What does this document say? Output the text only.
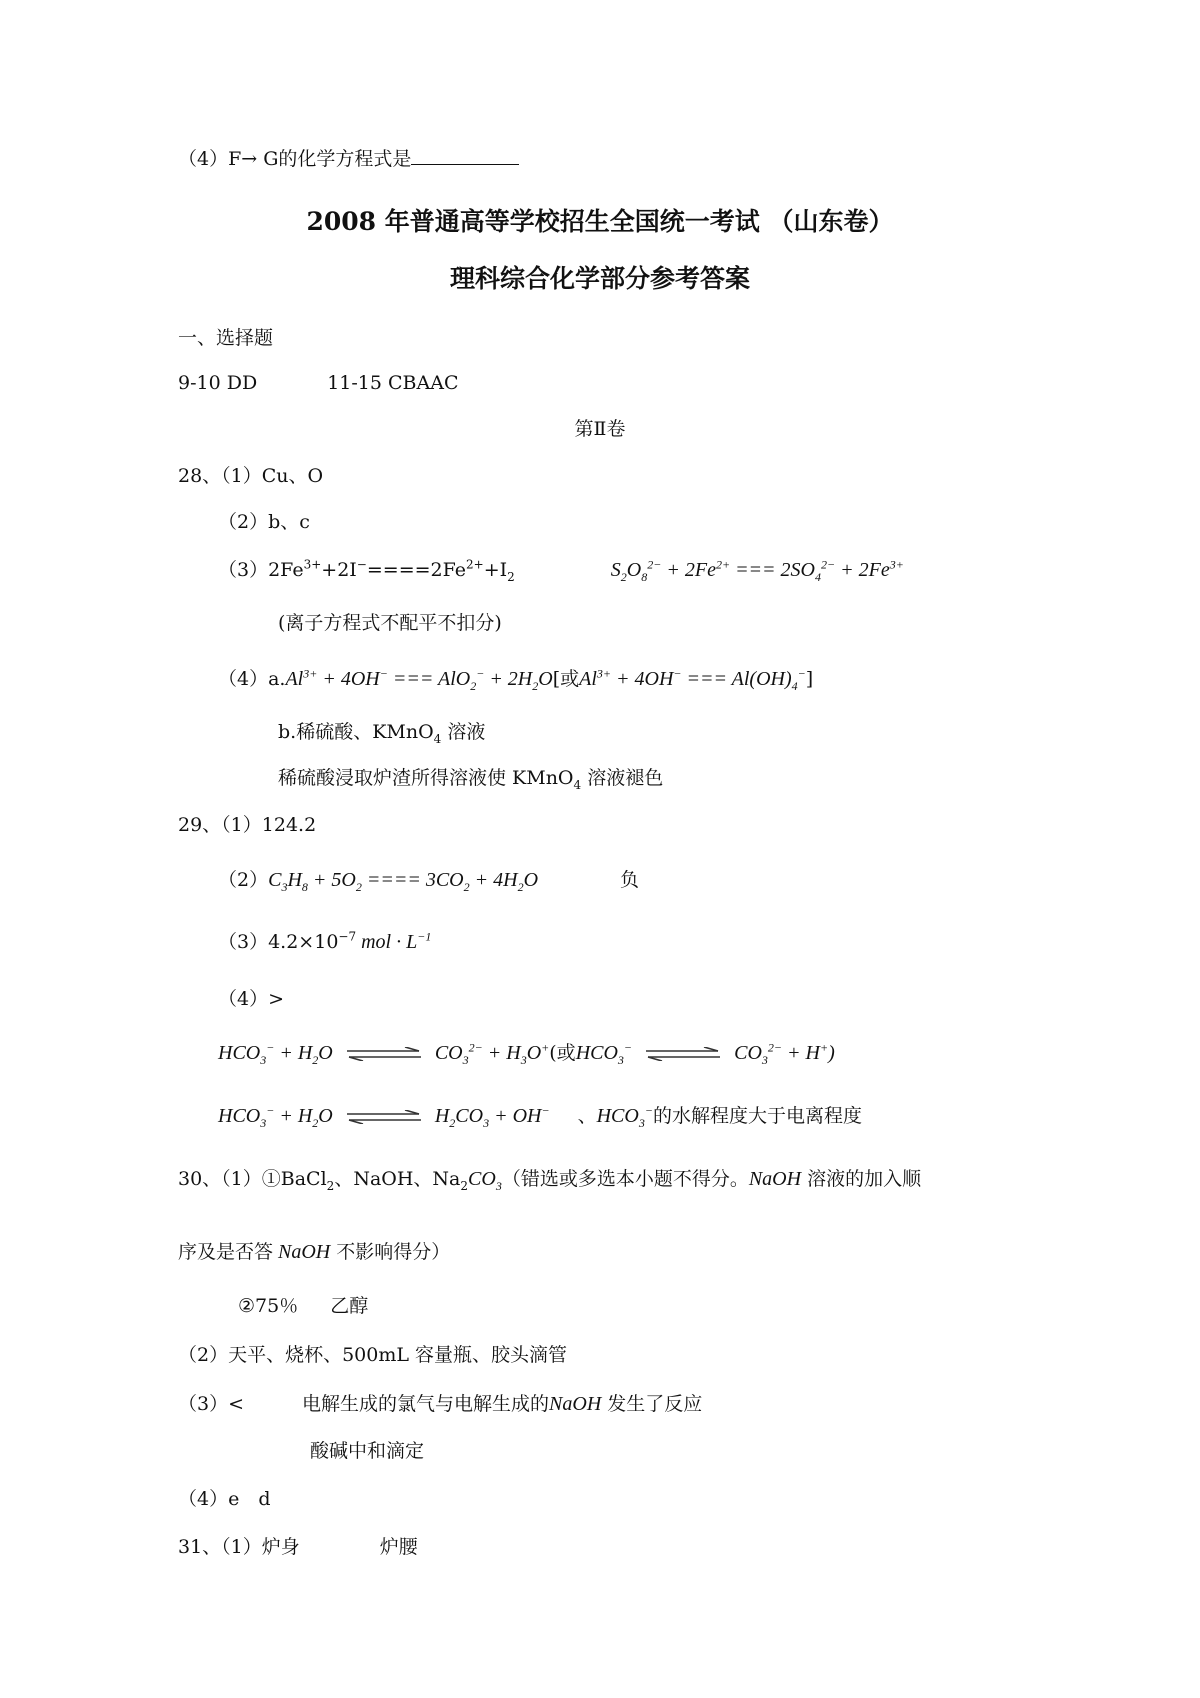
（4）F→ G的化学方程式是
2008 年普通高等学校招生全国统一考试 （山东卷）
理科综合化学部分参考答案
一、选择题
9-10 DD	11-15 CBAAC
第Ⅱ卷
28、（1）Cu、O
（2）b、c
$(3)2Fe^{3+}+2I^-====2Fe^{2+}+I_2$	$S_2O_8^{2-} + 2Fe^{2+}$ === $2SO_4^{2-} + 2Fe^{3+}$
(离子方程式不配平不扣分)
$(4)a.Al^{3+} + 4OH^-$ === $AlO_2^- + 2H_2O$[或$Al^{3+} + 4OH^-$ === $Al(OH)_4^-$]
b.稀硫酸、KMnO$_4$ 溶液
稀硫酸浸取炉渣所得溶液使 KMnO$_4$ 溶液褪色
29、（1）124.2
$(2)C_3H_8 + 5O_2$ ==== $3CO_2 + 4H_2O$	负
$(3)4.2\times 10^{-7}$ mol · $L^{-1}$
（4）>
$HCO_3^- + H_2O$	$CO_3^{2-} + H_3O^+$(或$HCO_3^-$	$CO_3^{2-} + H^+$)
$HCO_3^- + H_2O$	$H_2CO_3 + OH^-$ 、$HCO_3^-$的水解程度大于电离程度
30、（1）①BaCl$_2$、NaOH、$Na_2CO_3$（错选或多选本小题不得分。NaOH 溶液的加入顺
序及是否答 NaOH 不影响得分）
②75％ 乙醇
（2）天平、烧杯、500mL 容量瓶、胶头滴管
（3）<	电解生成的氯气与电解生成的NaOH 发生了反应
酸碱中和滴定
（4）e　d
31、（1）炉身	炉腰
